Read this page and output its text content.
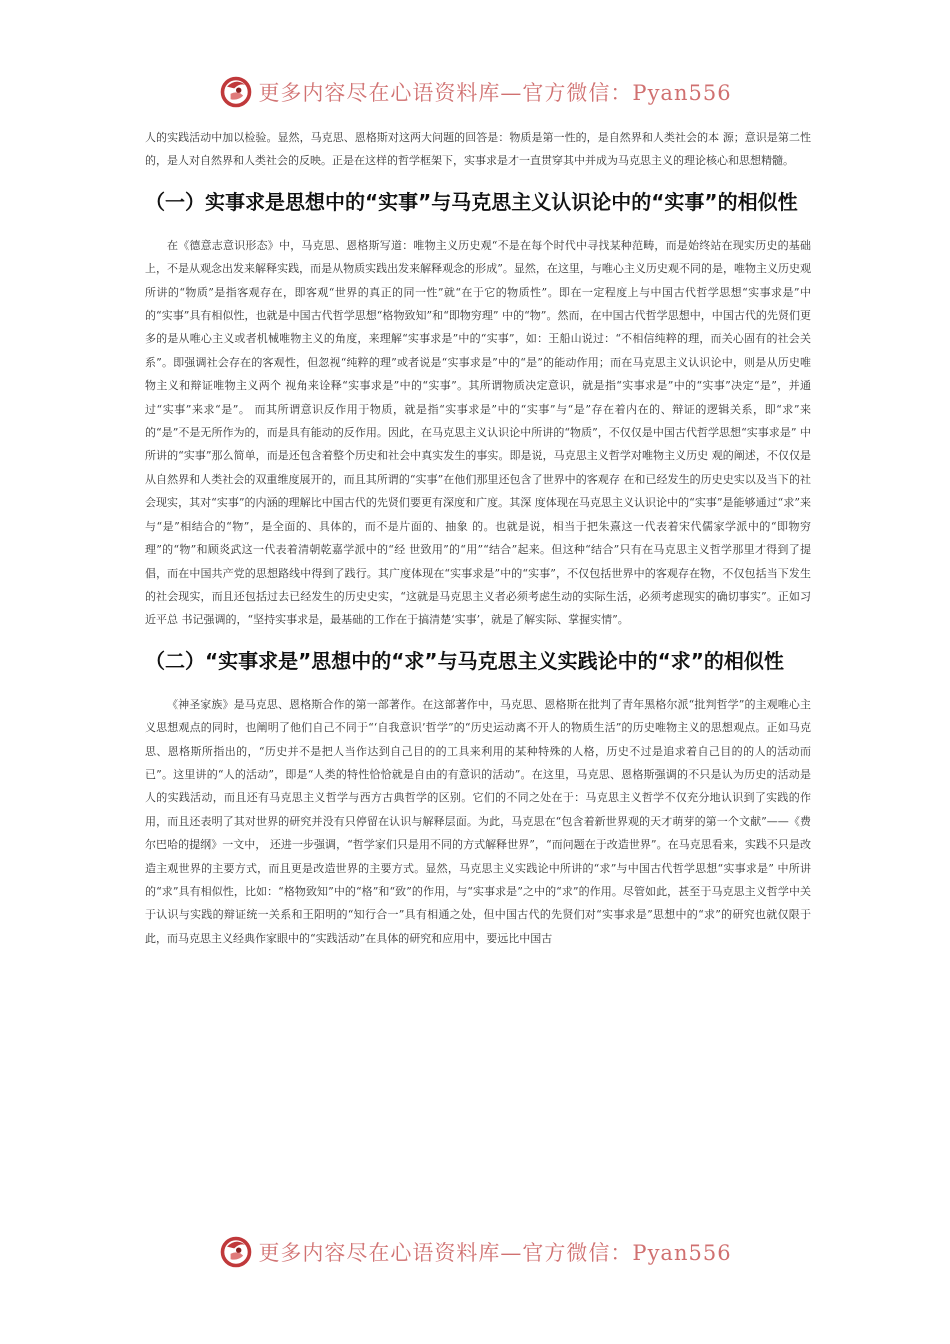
更多内容尽在心语资料库—官方微信：Pyan556

人的实践活动中加以检验。显然，马克思、恩格斯对这两大问题的回答是：物质是第一性的，是自然界和人类社会的本 源；意识是第二性的，是人对自然界和人类社会的反映。正是在这样的哲学框架下，实事求是才一直贯穿其中并成为马克思主义的理论核心和思想精髓。

（一）实事求是思想中的“实事”与马克思主义认识论中的“实事”的相似性

在《德意志意识形态》中，马克思、恩格斯写道：唯物主义历史观“不是在每个时代中寻找某种范畴，而是始终站在现实历史的基础上，不是从观念出发来解释实践，而是从物质实践出发来解释观念的形成”。显然，在这里，与唯心主义历史观不同的是，唯物主义历史观所讲的“物质”是指客观存在，即客观“世界的真正的同一性”就“在于它的物质性”。即在一定程度上与中国古代哲学思想“实事求是”中的“实事”具有相似性，也就是中国古代哲学思想“格物致知”和“即物穷理” 中的“物”。然而，在中国古代哲学思想中，中国古代的先贤们更多的是从唯心主义或者机械唯物主义的角度，来理解“实事求是”中的“实事”，如：王船山说过：“不相信纯粹的理，而关心固有的社会关系”。即强调社会存在的客观性，但忽视“纯粹的理”或者说是“实事求是”中的“是”的能动作用；而在马克思主义认识论中，则是从历史唯物主义和辩证唯物主义两个 视角来诠释“实事求是”中的“实事”。其所谓物质决定意识，就是指“实事求是”中的“实事”决定“是”，并通过“实事”来求“是”。 而其所谓意识反作用于物质，就是指“实事求是”中的“实事”与“是”存在着内在的、辩证的逻辑关系，即“求”来的“是”不是无所作为的，而是具有能动的反作用。因此，在马克思主义认识论中所讲的“物质”，不仅仅是中国古代哲学思想“实事求是” 中所讲的“实事”那么简单，而是还包含着整个历史和社会中真实发生的事实。即是说，马克思主义哲学对唯物主义历史 观的阐述，不仅仅是从自然界和人类社会的双重维度展开的，而且其所谓的“实事”在他们那里还包含了世界中的客观存 在和已经发生的历史史实以及当下的社会现实，其对“实事”的内涵的理解比中国古代的先贤们要更有深度和广度。其深 度体现在马克思主义认识论中的“实事”是能够通过“求”来与“是”相结合的“物”，是全面的、具体的，而不是片面的、抽象 的。也就是说，相当于把朱熹这一代表着宋代儒家学派中的“即物穷理”的“物”和顾炎武这一代表着清朝乾嘉学派中的“经 世致用”的“用”“结合”起来。但这种“结合”只有在马克思主义哲学那里才得到了提倡，而在中国共产党的思想路线中得到了践行。其广度体现在“实事求是”中的“实事”，不仅包括世界中的客观存在物，不仅包括当下发生的社会现实，而且还包括过去已经发生的历史史实，“这就是马克思主义者必须考虑生动的实际生活，必须考虑现实的确切事实”。正如习近平总 书记强调的，“坚持实事求是，最基础的工作在于搞清楚‘实事’，就是了解实际、掌握实情”。

（二）“实事求是”思想中的“求”与马克思主义实践论中的“求”的相似性

《神圣家族》是马克思、恩格斯合作的第一部著作。在这部著作中，马克思、恩格斯在批判了青年黑格尔派“批判哲学”的主观唯心主义思想观点的同时，也阐明了他们自己不同于“‘自我意识’哲学”的“历史运动离不开人的物质生活”的历史唯物主义的思想观点。正如马克思、恩格斯所指出的，“历史并不是把人当作达到自己目的的工具来利用的某种特殊的人格，历史不过是追求着自己目的的人的活动而已”。这里讲的“人的活动”，即是“人类的特性恰恰就是自由的有意识的活动”。在这里，马克思、恩格斯强调的不只是认为历史的活动是人的实践活动，而且还有马克思主义哲学与西方古典哲学的区别。它们的不同之处在于：马克思主义哲学不仅充分地认识到了实践的作用，而且还表明了其对世界的研究并没有只停留在认识与解释层面。为此，马克思在“包含着新世界观的天才萌芽的第一个文献”——《费尔巴哈的提纲》一文中， 还进一步强调，“哲学家们只是用不同的方式解释世界”，“而问题在于改造世界”。在马克思看来，实践不只是改造主观世界的主要方式，而且更是改造世界的主要方式。显然，马克思主义实践论中所讲的“求”与中国古代哲学思想“实事求是” 中所讲的“求”具有相似性，比如：“格物致知”中的“格”和“致”的作用，与“实事求是”之中的“求”的作用。尽管如此，甚至于马克思主义哲学中关于认识与实践的辩证统一关系和王阳明的“知行合一”具有相通之处，但中国古代的先贤们对“实事求是”思想中的“求”的研究也就仅限于此，而马克思主义经典作家眼中的“实践活动”在具体的研究和应用中，要远比中国古

更多内容尽在心语资料库—官方微信：Pyan556
